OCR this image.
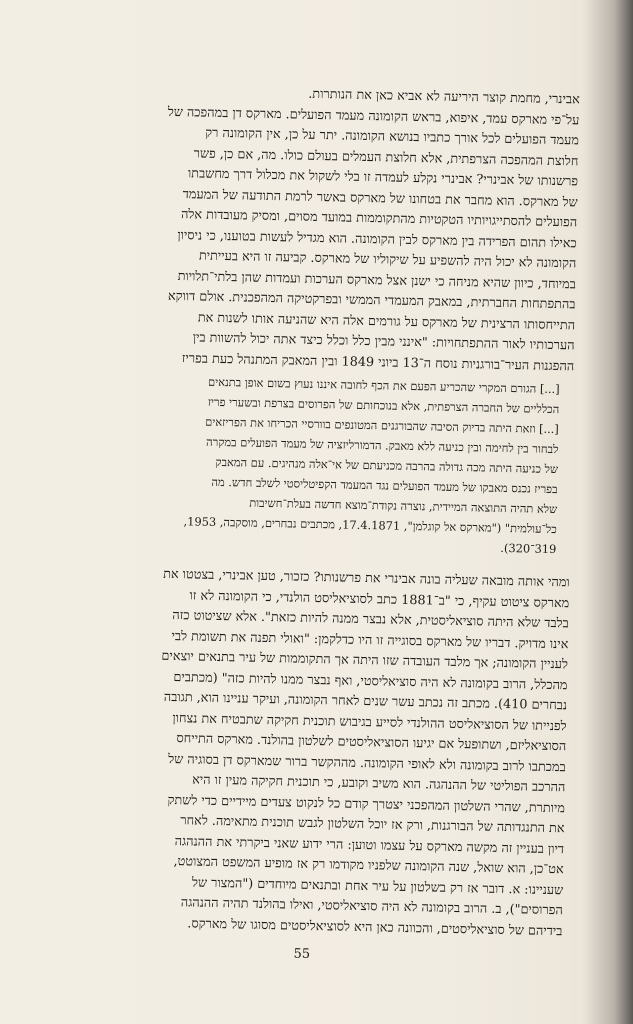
אבינרי, מחמת קוצר היריעה לא אביא כאן את הנותרות.
על־פי מארקס עמד, איפוא, בראש הקומונה מעמד הפועלים. מארקס דן במהפכה של
מעמד הפועלים לכל אורך כתביו בנושא הקומונה. יתר על כן, אין הקומונה רק
חלוצת המהפכה הצרפתית, אלא חלוצת העמלים בעולם כולו. מה, אם כן, פשר
פרשנותו של אבינרי? אבינרי נקלע לעמדה זו בלי לשקול את מכלול דרך מחשבתו
של מארקס. הוא מחבר את בטחונו של מארקס באשר לרמת התודעה של המעמד
הפועלים להסתייגויותיו הטקטיות מהתקוממות במועד מסוים, ומסיק מעובדות אלה
כאילו תהום הפרידה בין מארקס לבין הקומונה. הוא מגדיל לעשות בטוענו, כי ניסיון
הקומונה לא יכול היה להשפיע על שיקוליו של מארקס. קביעה זו היא בעייתית
במיוחד, כיוון שהיא מניחה כי ישנן אצל מארקס הערכות ועמדות שהן בלתי־תלויות
בהתפתחות החברתית, במאבק המעמדי הממשי ובפרקטיקה המהפכנית. אולם דווקא
התייחסותו הרצינית של מארקס על גורמים אלה היא שהניעה אותו לשנות את
הערכותיו לאור ההתפתחויות: "אינני מבין כלל וכלל כיצד אתה יכול להשוות בין
ההפגנות העיר־בורגניות נוסח ה־13 ביוני 1849 ובין המאבק המתנהל כעת בפריז
[...] הגורם המקרי שהכריע הפעם את הכף לחובה איננו נעוץ בשום אופן בתנאים
הכלליים של החברה הצרפתית, אלא בנוכחותם של הפרוסים בצרפת ובשערי פריז
[...] וזאת היתה בדיוק הסיבה שהבורגנים המטונפים בוורסיי הכריחו את הפריזאים
לבחור בין לחימה ובין כניעה ללא מאבק. הדמורליזציה של מעמד הפועלים במקרה
של כניעה היתה מכה גדולה בהרבה מכניעתם של אי־אלה מנהיגים. עם המאבק
בפריז נכנס מאבקו של מעמד הפועלים נגד המעמד הקפיטליסטי לשלב חדש. מה
שלא תהיה התוצאה המיידית, נוצרה נקודת־מוצא חדשה בעלת־חשיבות
כל־עולמית" ("מארקס אל קוגלמן", 17.4.1871, מכתבים נבחרים, מוסקבה, 1953,
319־320).
ומהי אותה מובאה שעליה בונה אבינרי את פרשנותו? כזכור, טען אבינרי, בצטטו את
מארקס ציטוט עקיף, כי "ב־1881 כתב לסוציאליסט הולנדי, כי הקומונה לא זו
בלבד שלא היתה סוציאליסטית, אלא נבצר ממנה להיות כזאת". אלא שציטוט כזה
אינו מדויק. דבריו של מארקס בסוגייה זו היו כדלקמן: "ואולי תפנה את תשומת לבי
לעניין הקומונה; אך מלבד העובדה שזו היתה אך התקוממות של עיר בתנאים יוצאים
מהכלל, הרוב בקומונה לא היה סוציאליסטי, ואף נבצר ממנו להיות כזה" (מכתבים
נבחרים 410). מכתב זה נכתב עשר שנים לאחר הקומונה, ועיקר עניינו הוא, תגובה
לפנייתו של הסוציאליסט ההולנדי לסייע בגיבוש תוכנית חקיקה שתבטיח את נצחון
הסוציאליזם, ושתופעל אם יגיעו הסוציאליסטים לשלטון בהולנד. מארקס התייחס
במכתבו לרוב בקומונה ולא לאופי הקומונה. מההקשר ברור שמארקס דן בסוגיה של
ההרכב הפוליטי של ההנהגה. הוא משיב וקובע, כי תוכנית חקיקה מעין זו היא
מיותרת, שהרי השלטון המהפכני יצטרך קודם כל לנקוט צעדים מיידיים כדי לשתק
את התנגדותה של הבורגנות, ורק אז יוכל השלטון לגבש תוכנית מתאימה. לאחר
דיון בעניין זה מקשה מארקס על עצמו וטוען: הרי ידוע שאני ביקרתי את ההנהגה
אט־כן, הוא שואל, שנה הקומונה שלפניו מקודמו רק אז מופיע המשפט המצוטט,
שעניינו: א. דובר אז רק בשלטון על עיר אחת ובתנאים מיוחדים ("המצור של
הפרוסים"), ב. הרוב בקומונה לא היה סוציאליסטי, ואילו בהולנד תהיה ההנהגה
בידיהם של סוציאליסטים, והכוונה כאן היא לסוציאליסטים מסוגו של מארקס.
55
